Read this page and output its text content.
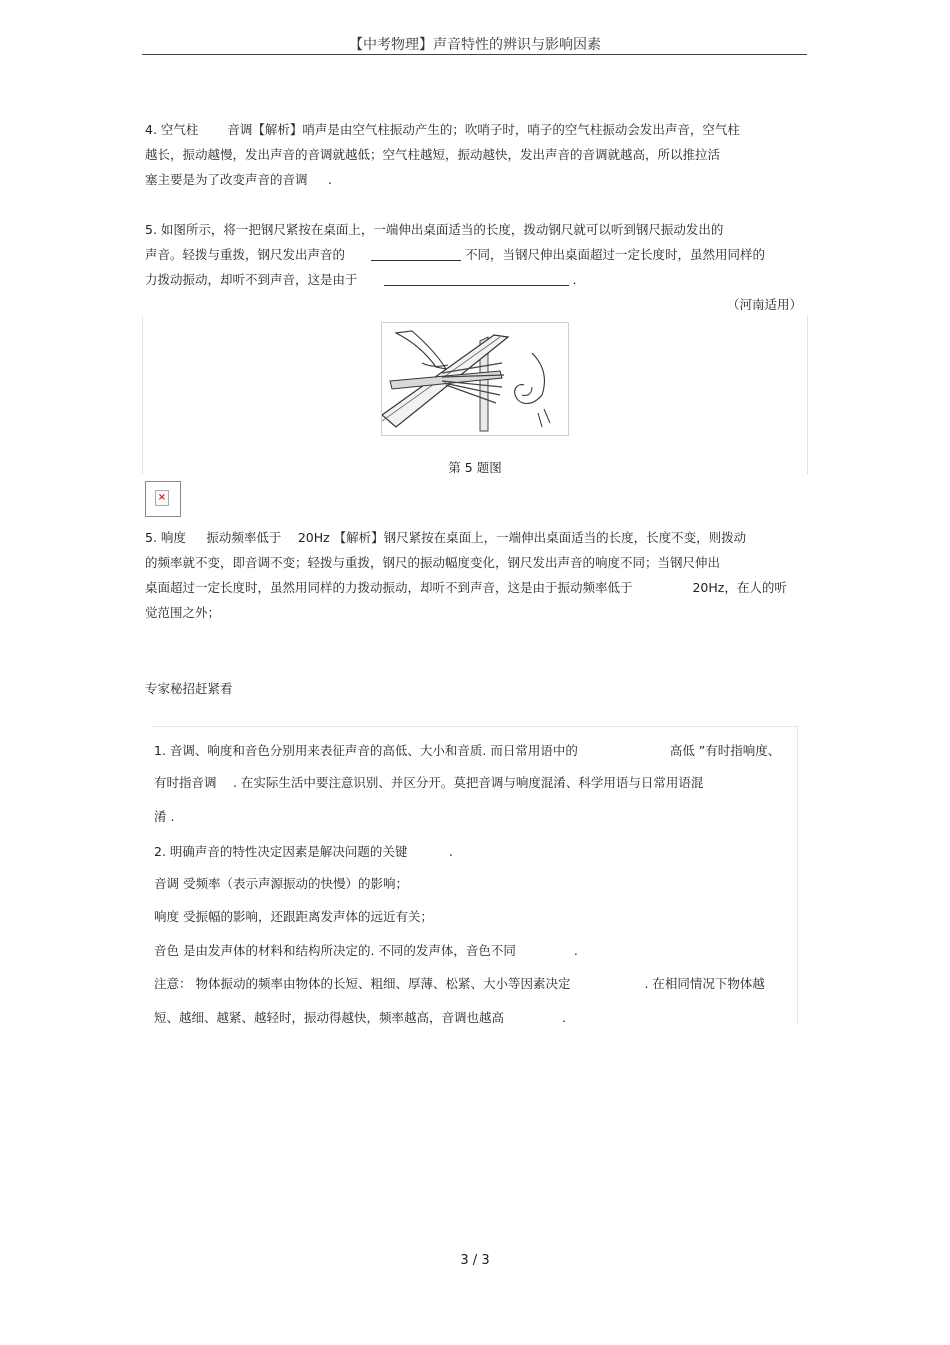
【中考物理】声音特性的辨识与影响因素
4. 空气柱 　　音调【解析】哨声是由空气柱振动产生的；吹哨子时，哨子的空气柱振动会发出声音，空气柱
越长，振动越慢，发出声音的音调就越低；空气柱越短，振动越快，发出声音的音调就越高，所以推拉活
塞主要是为了改变声音的音调 　 .
5. 如图所示，将一把钢尺紧按在桌面上，一端伸出桌面适当的长度，拨动钢尺就可以听到钢尺振动发出的
声音。轻拨与重拨，钢尺发出声音的	不同，当钢尺伸出桌面超过一定长度时，虽然用同样的
力拨动振动，却听不到声音，这是由于	.
（河南适用）
第 5 题图
×
5. 响度 　 振动频率低于 　20Hz 【解析】钢尺紧按在桌面上，一端伸出桌面适当的长度，长度不变，则拨动
的频率就不变，即音调不变；轻拨与重拨，钢尺的振动幅度变化，钢尺发出声音的响度不同；当钢尺伸出
桌面超过一定长度时，虽然用同样的力拨动振动，却听不到声音，这是由于振动频率低于	20Hz，在人的听
觉范围之外；
专家秘招赶紧看
1. 音调、响度和音色分别用来表征声音的高低、大小和音质. 而日常用语中的	高低 ”有时指响度、
有时指音调 　. 在实际生活中要注意识别、并区分开。莫把音调与响度混淆、科学用语与日常用语混
淆 .
2. 明确声音的特性决定因素是解决问题的关键 　　　.
音调 受频率（表示声源振动的快慢）的影响；
响度 受振幅的影响，还跟距离发声体的远近有关；
音色 是由发声体的材料和结构所决定的. 不同的发声体，音色不同 　　　　 .
注意： 物体振动的频率由物体的长短、粗细、厚薄、松紧、大小等因素决定	. 在相同情况下物体越
短、越细、越紧、越轻时，振动得越快，频率越高，音调也越高 　　　　 .
3 / 3
